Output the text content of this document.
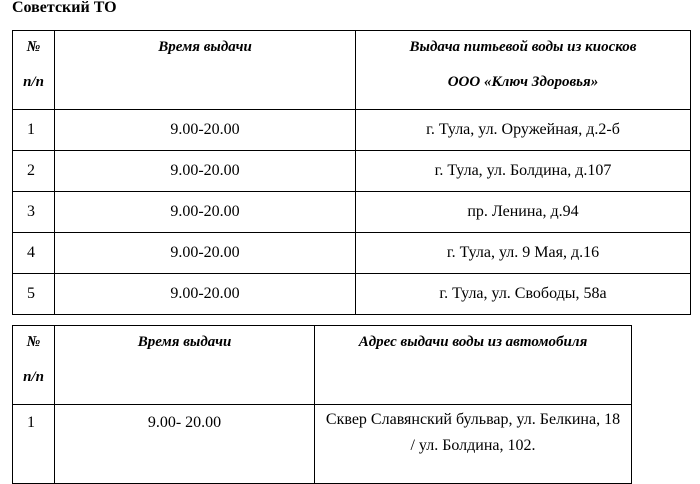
Советский ТО
№
п/п	Время выдачи	Выдача питьевой воды из киосков
ООО «Ключ Здоровья»

1	9.00-20.00	г. Тула, ул. Оружейная, д.2-б
2	9.00-20.00	г. Тула, ул. Болдина, д.107
3	9.00-20.00	пр. Ленина, д.94
4	9.00-20.00	г. Тула, ул. 9 Мая, д.16
5	9.00-20.00	г. Тула, ул. Свободы, 58а
№
п/п	Время выдачи	Адрес выдачи воды из автомобиля

1	9.00- 20.00	Сквер Славянский бульвар, ул. Белкина, 18
/ ул. Болдина, 102.
